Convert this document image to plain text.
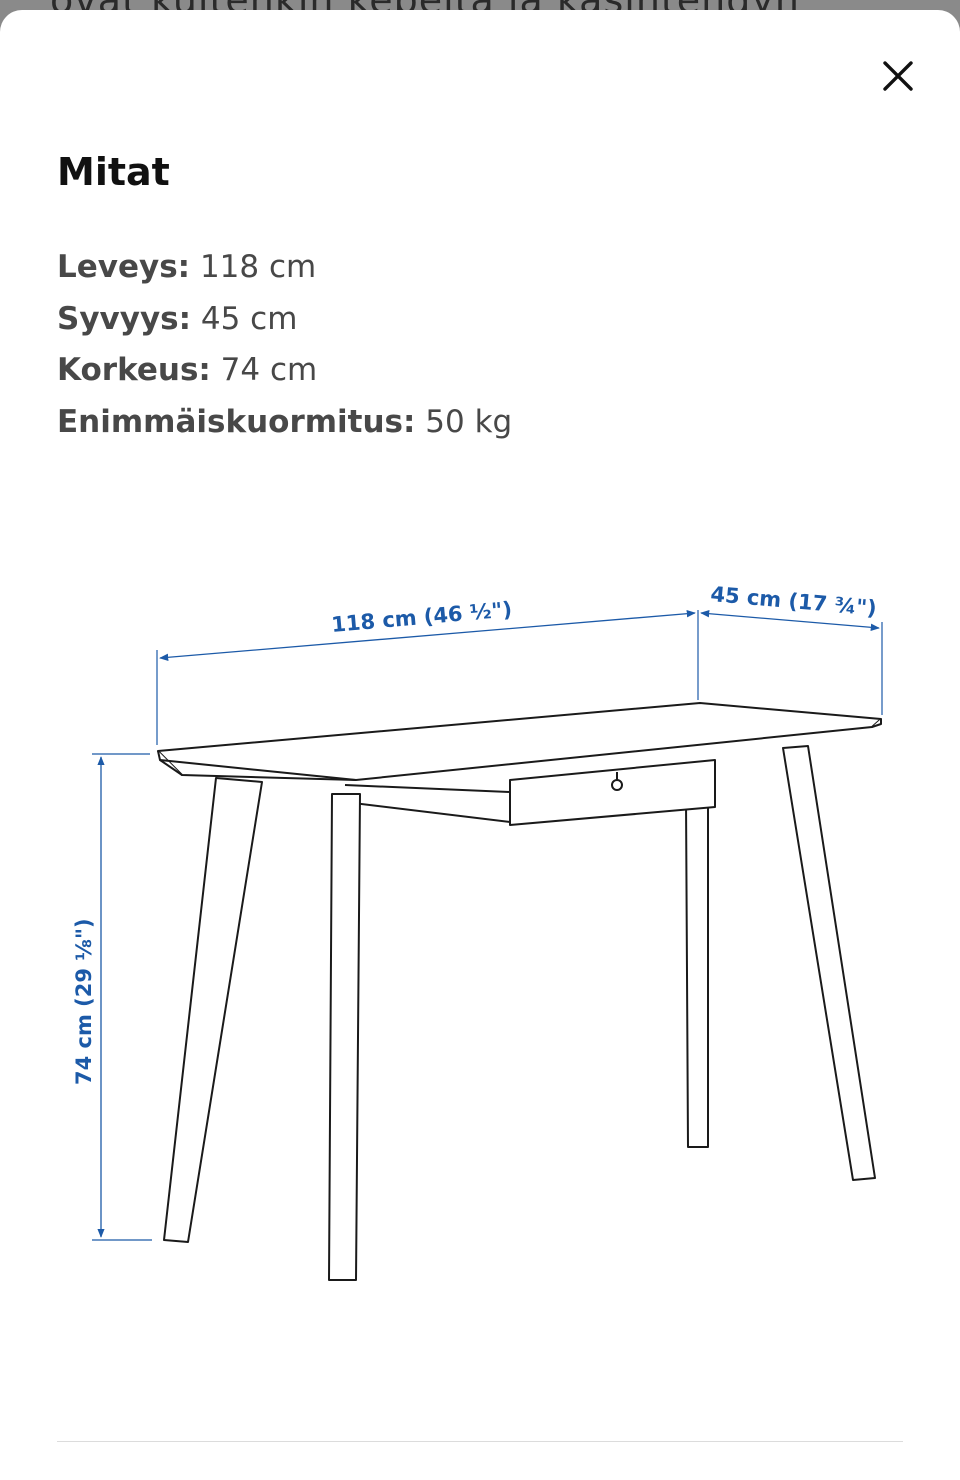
Mitat
Leveys: 118 cm
Syvyys: 45 cm
Korkeus: 74 cm
Enimmäiskuormitus: 50 kg
118 cm (46 ½")	45 cm (17 ¾")
74 cm (29 ⅛")
